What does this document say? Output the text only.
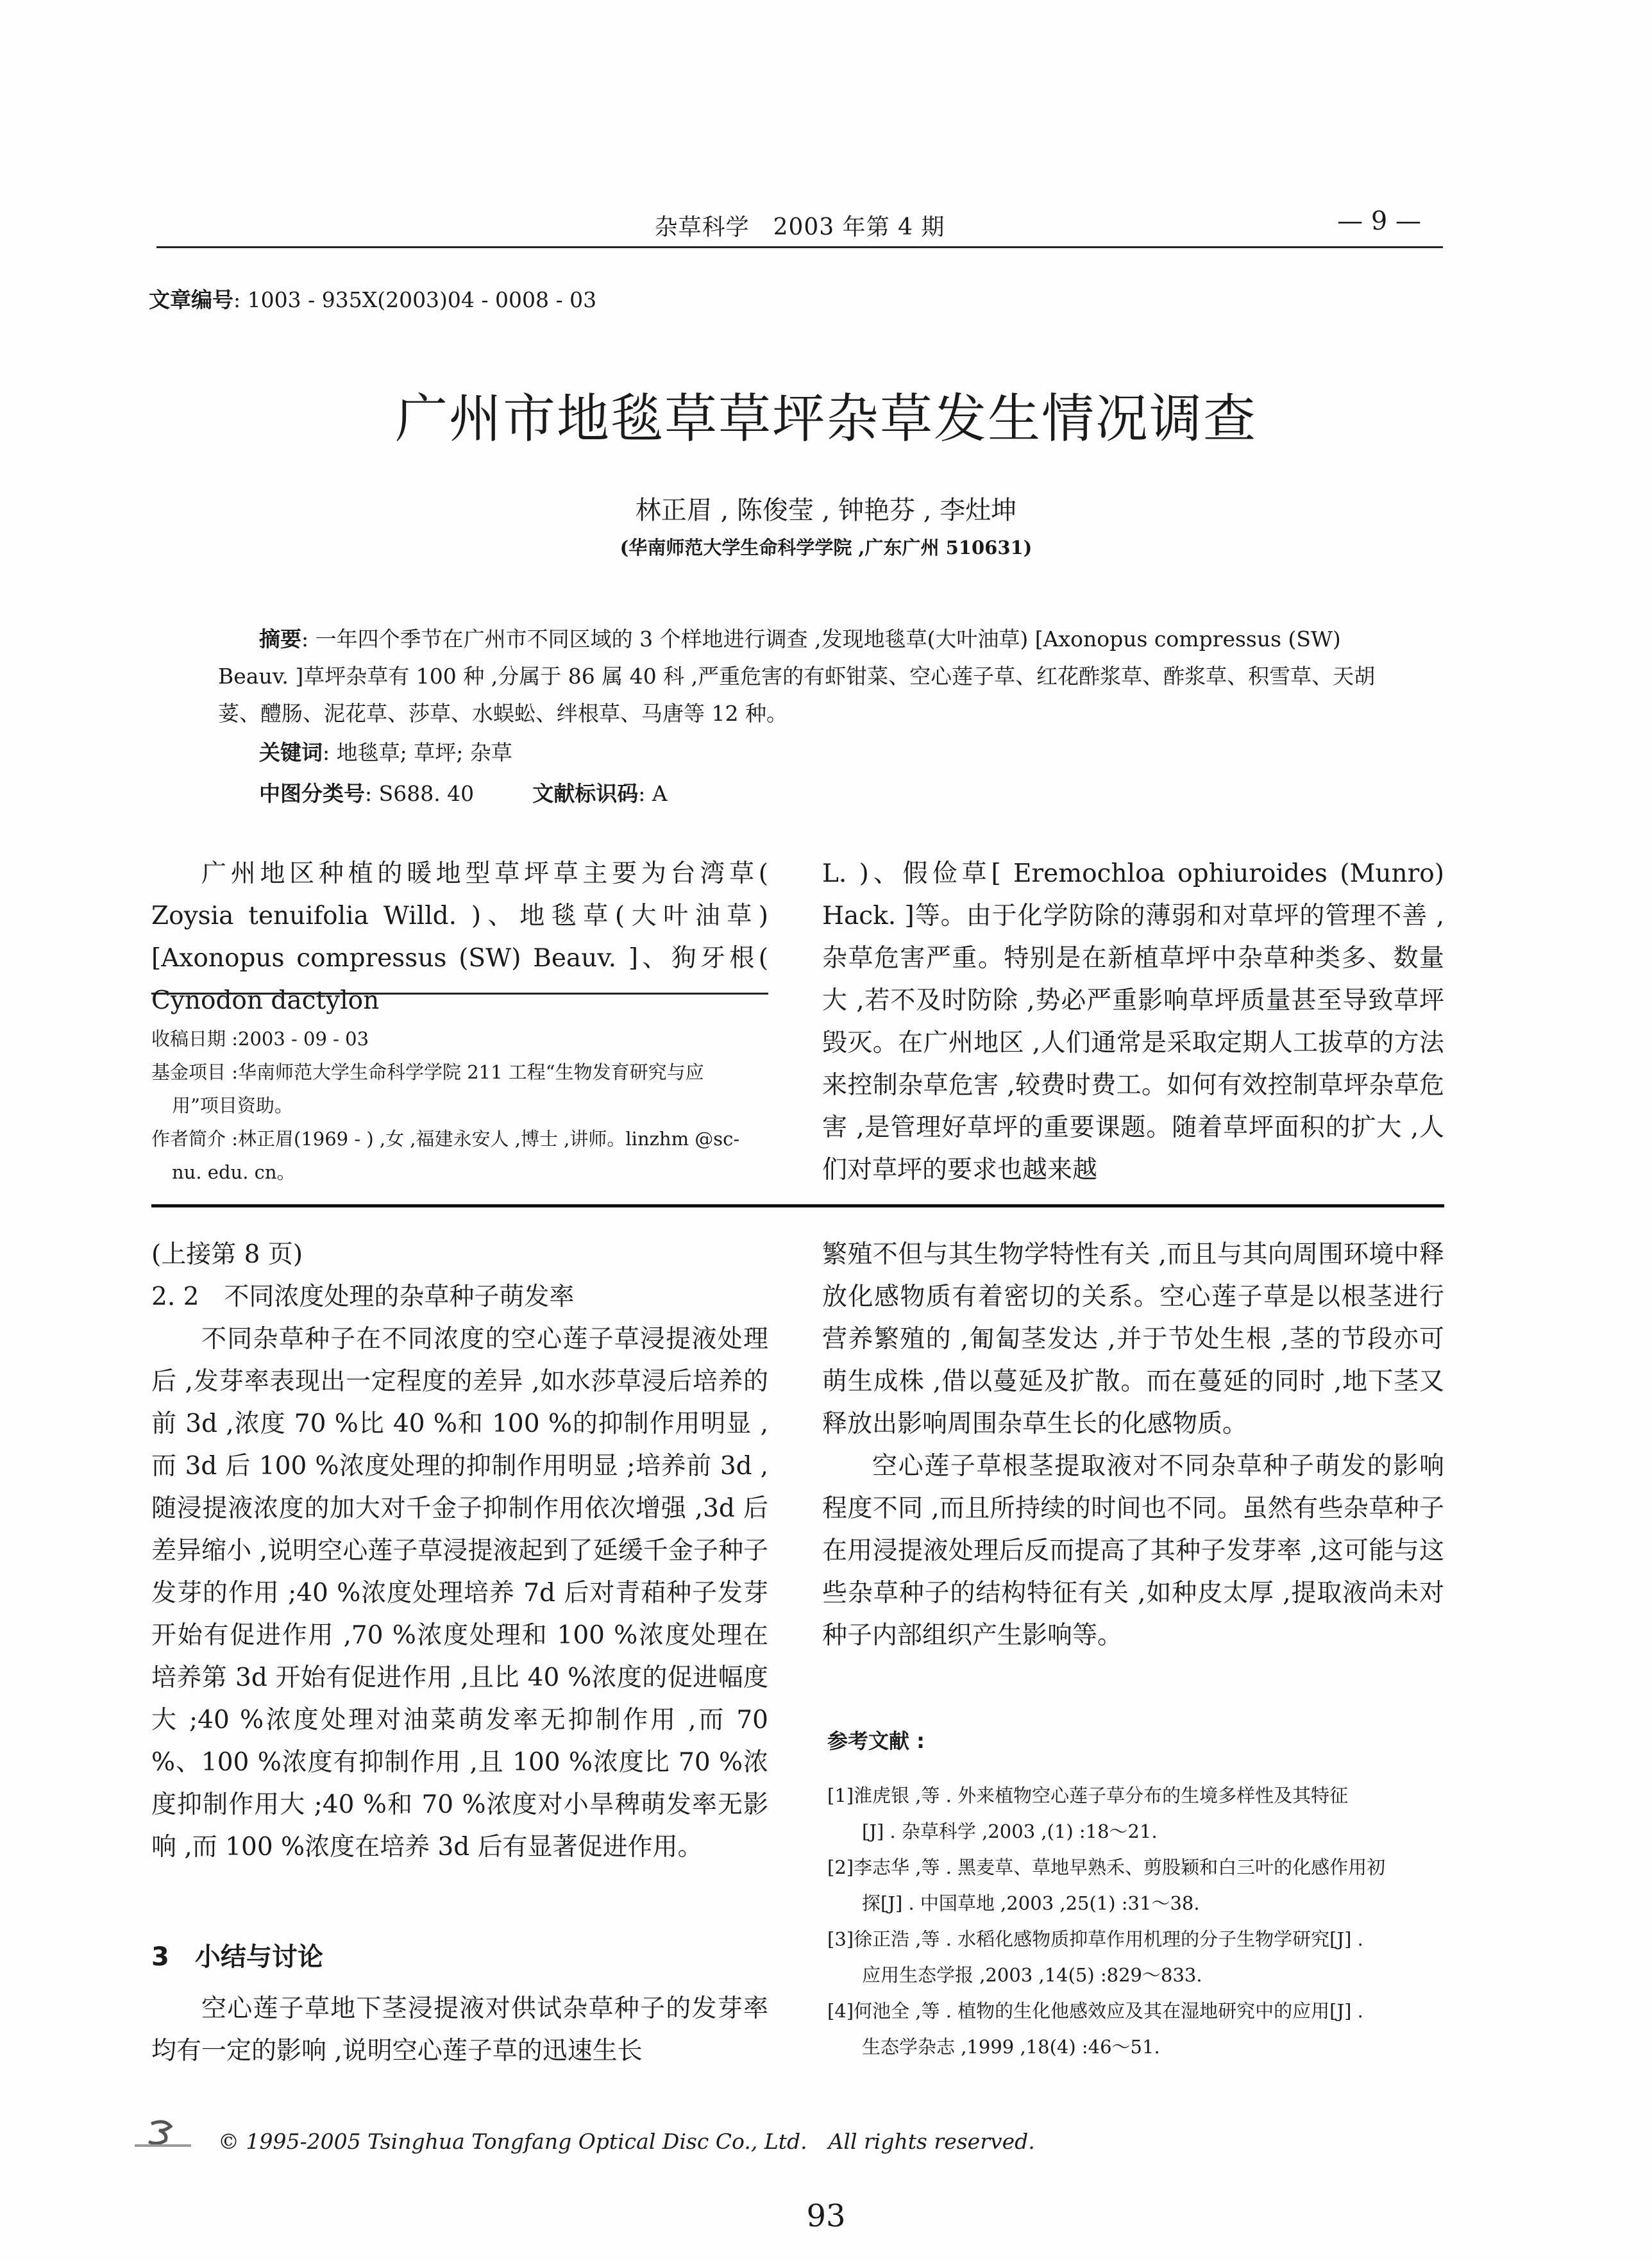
杂草科学　2003 年第 4 期	— 9 —
文章编号: 1003 - 935X(2003)04 - 0008 - 03
广州市地毯草草坪杂草发生情况调查
林正眉 , 陈俊莹 , 钟艳芬 , 李灶坤
(华南师范大学生命科学学院 ,广东广州 510631)

摘要: 一年四个季节在广州市不同区域的 3 个样地进行调查 ,发现地毯草(大叶油草) [Axonopus compressus (SW) Beauv. ]草坪杂草有 100 种 ,分属于 86 属 40 科 ,严重危害的有虾钳菜、空心莲子草、红花酢浆草、酢浆草、积雪草、天胡荽、醴肠、泥花草、莎草、水蜈蚣、绊根草、马唐等 12 种。

关键词: 地毯草; 草坪; 杂草
中图分类号: S688. 40	文献标识码: A

广州地区种植的暖地型草坪草主要为台湾草( Zoysia tenuifolia Willd. )、地毯草(大叶油草) [Axonopus compressus (SW) Beauv. ]、狗牙根( Cynodon dactylon

收稿日期 :2003 - 09 - 03

基金项目 :华南师范大学生命科学学院 211 工程“生物发育研究与应

用”项目资助。

作者简介 :林正眉(1969 - ) ,女 ,福建永安人 ,博士 ,讲师。linzhm @sc-

nu. edu. cn。

L. )、假俭草[ Eremochloa ophiuroides (Munro) Hack. ]等。由于化学防除的薄弱和对草坪的管理不善 ,杂草危害严重。特别是在新植草坪中杂草种类多、数量大 ,若不及时防除 ,势必严重影响草坪质量甚至导致草坪毁灭。在广州地区 ,人们通常是采取定期人工拔草的方法来控制杂草危害 ,较费时费工。如何有效控制草坪杂草危害 ,是管理好草坪的重要课题。随着草坪面积的扩大 ,人们对草坪的要求也越来越

(上接第 8 页)

2. 2　不同浓度处理的杂草种子萌发率

不同杂草种子在不同浓度的空心莲子草浸提液处理后 ,发芽率表现出一定程度的差异 ,如水莎草浸后培养的前 3d ,浓度 70 %比 40 %和 100 %的抑制作用明显 ,而 3d 后 100 %浓度处理的抑制作用明显 ;培养前 3d ,随浸提液浓度的加大对千金子抑制作用依次增强 ,3d 后差异缩小 ,说明空心莲子草浸提液起到了延缓千金子种子发芽的作用 ;40 %浓度处理培养 7d 后对青葙种子发芽开始有促进作用 ,70 %浓度处理和 100 %浓度处理在培养第 3d 开始有促进作用 ,且比 40 %浓度的促进幅度大 ;40 %浓度处理对油菜萌发率无抑制作用 ,而 70 %、100 %浓度有抑制作用 ,且 100 %浓度比 70 %浓度抑制作用大 ;40 %和 70 %浓度对小旱稗萌发率无影响 ,而 100 %浓度在培养 3d 后有显著促进作用。

3　小结与讨论

空心莲子草地下茎浸提液对供试杂草种子的发芽率均有一定的影响 ,说明空心莲子草的迅速生长

繁殖不但与其生物学特性有关 ,而且与其向周围环境中释放化感物质有着密切的关系。空心莲子草是以根茎进行营养繁殖的 ,匍匐茎发达 ,并于节处生根 ,茎的节段亦可萌生成株 ,借以蔓延及扩散。而在蔓延的同时 ,地下茎又释放出影响周围杂草生长的化感物质。

空心莲子草根茎提取液对不同杂草种子萌发的影响程度不同 ,而且所持续的时间也不同。虽然有些杂草种子在用浸提液处理后反而提高了其种子发芽率 ,这可能与这些杂草种子的结构特征有关 ,如种皮太厚 ,提取液尚未对种子内部组织产生影响等。

参考文献 :

[1]淮虎银 ,等 . 外来植物空心莲子草分布的生境多样性及其特征

[J] . 杂草科学 ,2003 ,(1) :18～21.

[2]李志华 ,等 . 黑麦草、草地早熟禾、剪股颖和白三叶的化感作用初

探[J] . 中国草地 ,2003 ,25(1) :31～38.

[3]徐正浩 ,等 . 水稻化感物质抑草作用机理的分子生物学研究[J] .

应用生态学报 ,2003 ,14(5) :829～833.

[4]何池全 ,等 . 植物的生化他感效应及其在湿地研究中的应用[J] .

生态学杂志 ,1999 ,18(4) :46～51.

© 1995-2005 Tsinghua Tongfang Optical Disc Co., Ltd.　All rights reserved.
93
